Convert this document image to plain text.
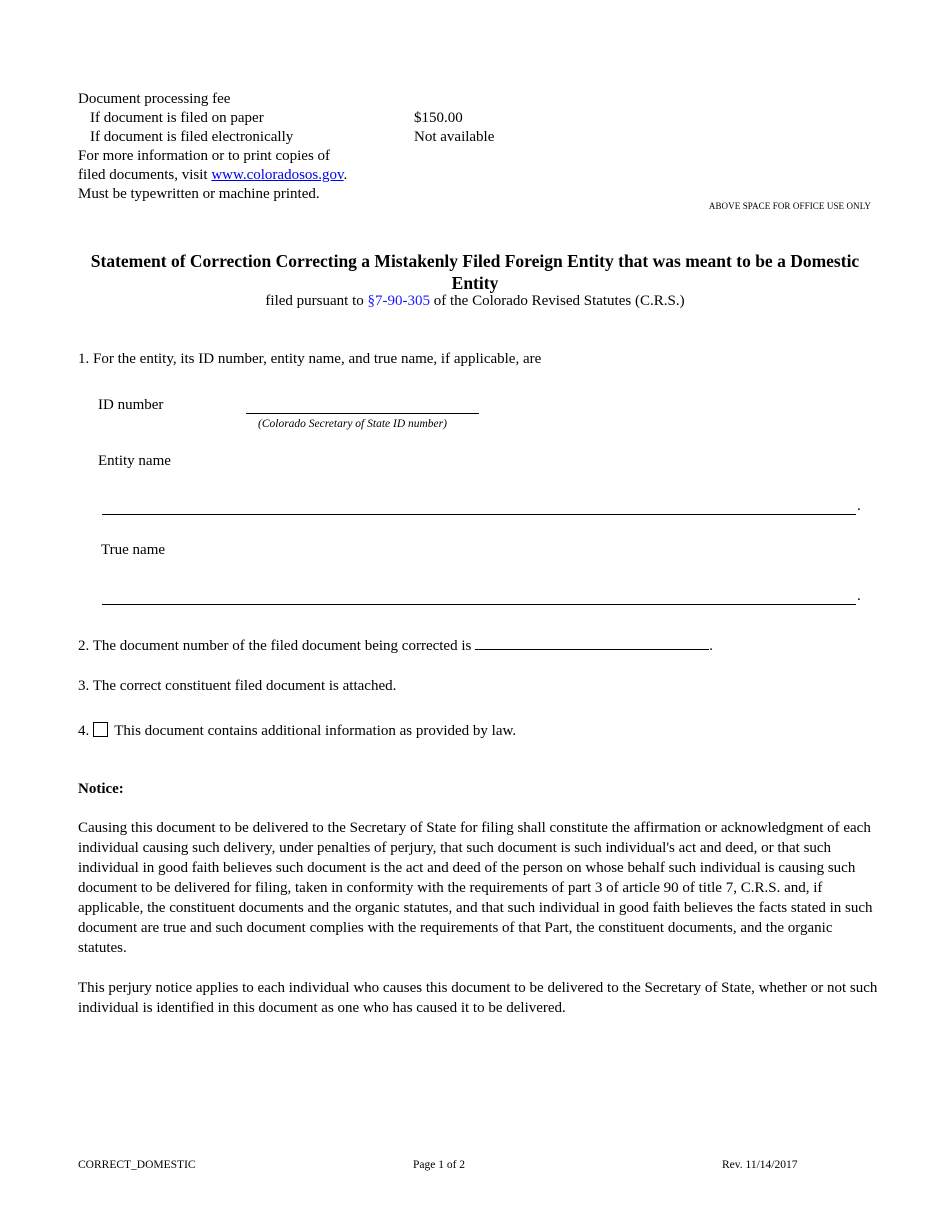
Document processing fee
If document is filed on paper	$150.00
If document is filed electronically	Not available
For more information or to print copies of
filed documents, visit www.coloradosos.gov.
Must be typewritten or machine printed.
ABOVE SPACE FOR OFFICE USE ONLY
Statement of Correction Correcting a Mistakenly Filed Foreign Entity that was meant to be a Domestic Entity
filed pursuant to §7-90-305 of the Colorado Revised Statutes (C.R.S.)
1. For the entity, its ID number, entity name, and true name, if applicable, are
ID number
(Colorado Secretary of State ID number)
Entity name
.
True name
.
2. The document number of the filed document being corrected is	.
3. The correct constituent filed document is attached.
4. This document contains additional information as provided by law.
Notice:
Causing this document to be delivered to the Secretary of State for filing shall constitute the affirmation or acknowledgment of each individual causing such delivery, under penalties of perjury, that such document is such individual's act and deed, or that such individual in good faith believes such document is the act and deed of the person on whose behalf such individual is causing such document to be delivered for filing, taken in conformity with the requirements of part 3 of article 90 of title 7, C.R.S. and, if applicable, the constituent documents and the organic statutes, and that such individual in good faith believes the facts stated in such document are true and such document complies with the requirements of that Part, the constituent documents, and the organic statutes.
This perjury notice applies to each individual who causes this document to be delivered to the Secretary of State, whether or not such individual is identified in this document as one who has caused it to be delivered.
CORRECT_DOMESTIC	Page 1 of 2	Rev. 11/14/2017
